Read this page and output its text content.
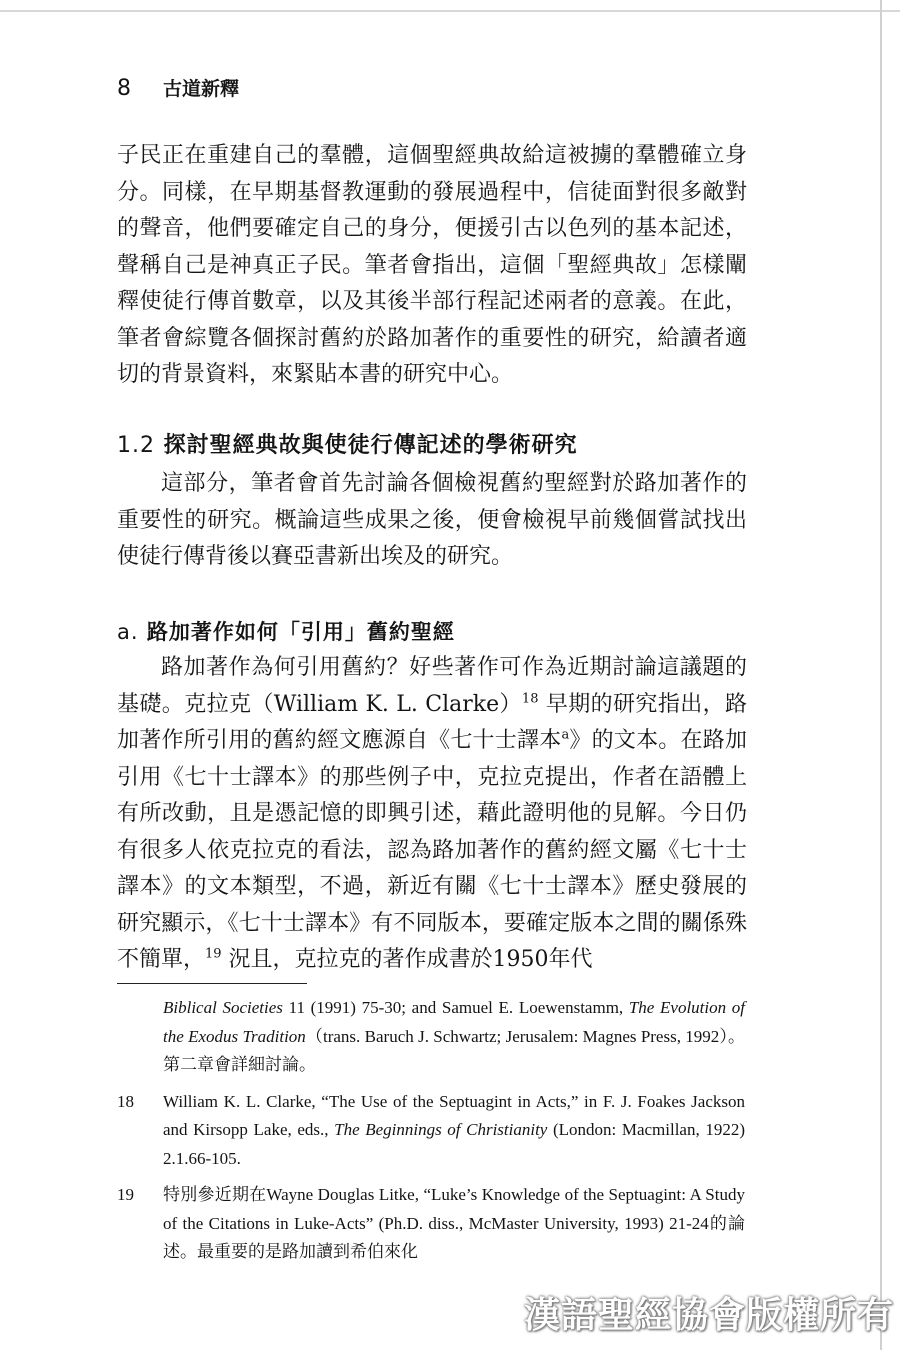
8	古道新釋

子民正在重建自己的羣體，這個聖經典故給這被擄的羣體確立身分。同樣，在早期基督教運動的發展過程中，信徒面對很多敵對的聲音，他們要確定自己的身分，便援引古以色列的基本記述，聲稱自己是神真正子民。筆者會指出，這個「聖經典故」怎樣闡釋使徒行傳首數章，以及其後半部行程記述兩者的意義。在此，筆者會綜覽各個探討舊約於路加著作的重要性的研究，給讀者適切的背景資料，來緊貼本書的研究中心。

1.2 探討聖經典故與使徒行傳記述的學術研究

這部分，筆者會首先討論各個檢視舊約聖經對於路加著作的重要性的研究。概論這些成果之後，便會檢視早前幾個嘗試找出使徒行傳背後以賽亞書新出埃及的研究。

a. 路加著作如何「引用」舊約聖經

路加著作為何引用舊約？好些著作可作為近期討論這議題的基礎。克拉克（William K. L. Clarke）$^{18}$ 早期的研究指出，路加著作所引用的舊約經文應源自《七十士譯本$^a$》的文本。在路加引用《七十士譯本》的那些例子中，克拉克提出，作者在語體上有所改動，且是憑記憶的即興引述，藉此證明他的見解。今日仍有很多人依克拉克的看法，認為路加著作的舊約經文屬《七十士譯本》的文本類型，不過，新近有關《七十士譯本》歷史發展的研究顯示，《七十士譯本》有不同版本，要確定版本之間的關係殊不簡單，$^{19}$ 況且，克拉克的著作成書於1950年代

Biblical Societies 11 (1991) 75-30; and Samuel E. Loewenstamm, The Evolution of the Exodus Tradition（trans. Baruch J. Schwartz; Jerusalem: Magnes Press, 1992）。第二章會詳細討論。
18	William K. L. Clarke, “The Use of the Septuagint in Acts,” in F. J. Foakes Jackson and Kirsopp Lake, eds., The Beginnings of Christianity (London: Macmillan, 1922) 2.1.66-105.
19	特別參近期在Wayne Douglas Litke, “Luke’s Knowledge of the Septuagint: A Study of the Citations in Luke-Acts” (Ph.D. diss., McMaster University, 1993) 21-24的論述。最重要的是路加讀到希伯來化
漢語聖經協會版權所有
